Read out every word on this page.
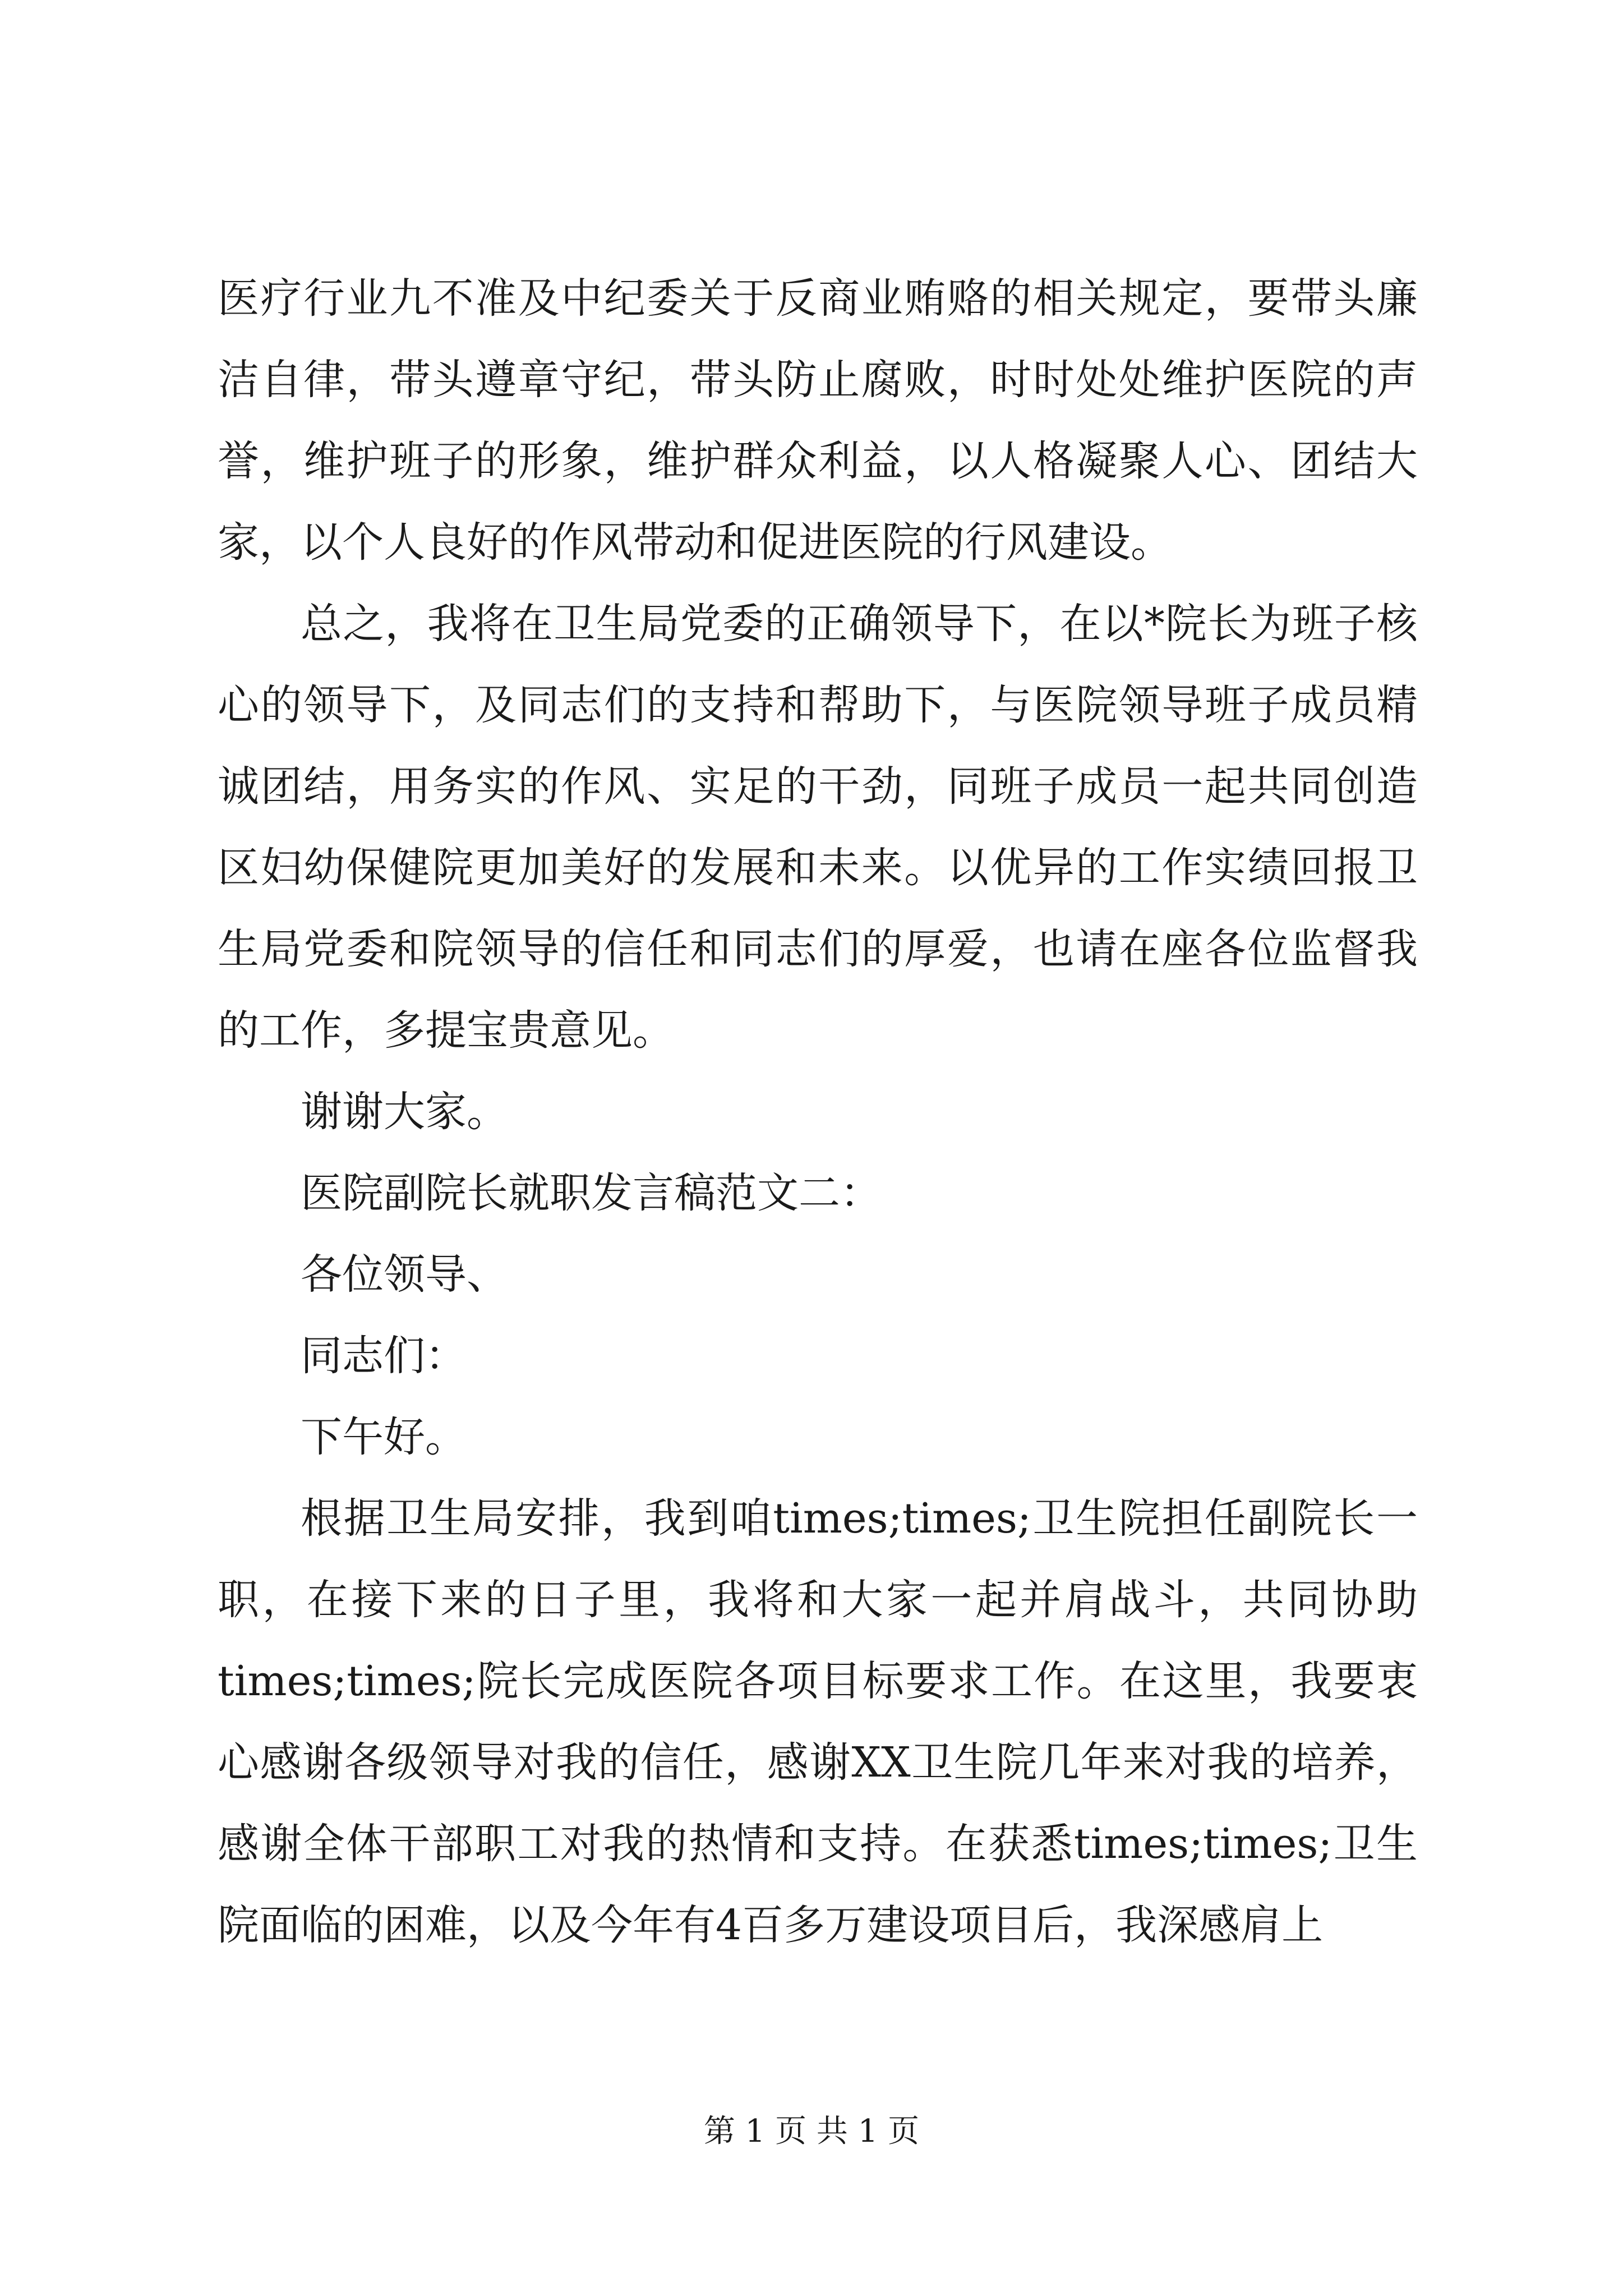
医疗行业九不准及中纪委关于反商业贿赂的相关规定，要带头廉洁自律，带头遵章守纪，带头防止腐败，时时处处维护医院的声誉，维护班子的形象，维护群众利益，以人格凝聚人心、团结大家，以个人良好的作风带动和促进医院的行风建设。

总之，我将在卫生局党委的正确领导下，在以*院长为班子核心的领导下，及同志们的支持和帮助下，与医院领导班子成员精诚团结，用务实的作风、实足的干劲，同班子成员一起共同创造区妇幼保健院更加美好的发展和未来。以优异的工作实绩回报卫生局党委和院领导的信任和同志们的厚爱，也请在座各位监督我的工作，多提宝贵意见。

谢谢大家。

医院副院长就职发言稿范文二：

各位领导、

同志们：

下午好。

根据卫生局安排，我到咱times;times;卫生院担任副院长一职，在接下来的日子里，我将和大家一起并肩战斗，共同协助times;times;院长完成医院各项目标要求工作。在这里，我要衷心感谢各级领导对我的信任，感谢XX卫生院几年来对我的培养，感谢全体干部职工对我的热情和支持。在获悉times;times;卫生院面临的困难，以及今年有4百多万建设项目后，我深感肩上

第 1 页 共 1 页
